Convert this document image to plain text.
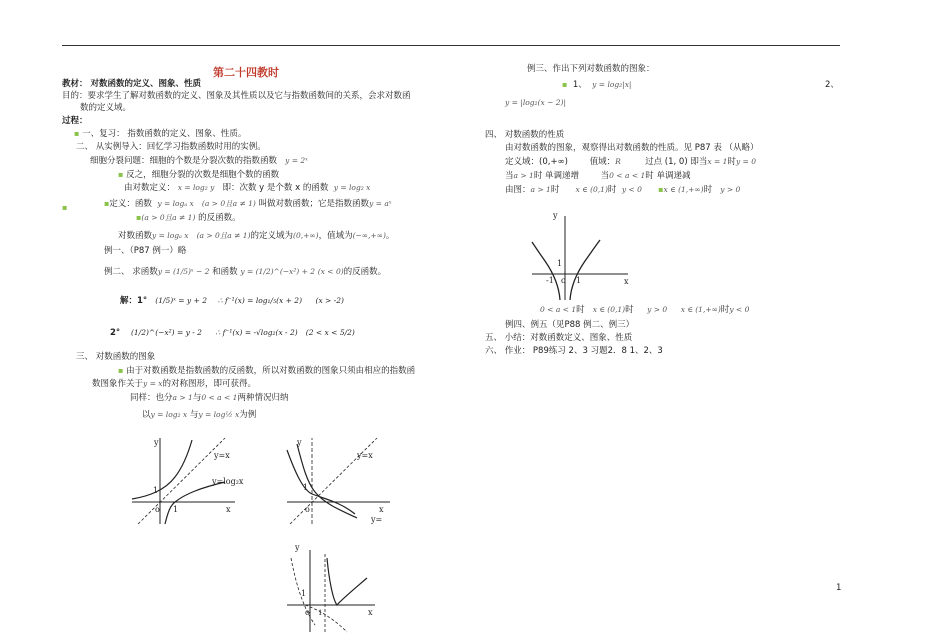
第二十四教时
教材： 对数函数的定义、图象、性质
目的：要求学生了解对数函数的定义、图象及其性质以及它与指数函数间的关系，会求对数函
数的定义域。
过程：
▪ 一、复习： 指数函数的定义、图象、性质。
二、 从实例导入：回忆学习指数函数时用的实例。
细胞分裂问题：细胞的个数是分裂次数的指数函数 y = 2ˣ
▪ 反之，细胞分裂的次数是细胞个数的函数
由对数定义： x = log₂ y 即：次数 y 是个数 x 的函数 y = log₂ x
▪	▪定义：函数 y = logₐ x (a > 0且a ≠ 1) 叫做对数函数；它是指数函数y = aˣ
▪(a > 0且a ≠ 1) 的反函数。
对数函数y = logₐ x (a > 0且a ≠ 1)的定义域为(0,+∞)，值域为(−∞,+∞)。
例一、（P87 例一）略
例二、 求函数y = (1/5)ˣ − 2 和函数 y = (1/2)^(−x²) + 2 (x < 0)的反函数。
解：1° (1/5)ˣ = y + 2 ∴ f⁻¹(x) = log₁/₅(x + 2) (x > -2)
2° (1/2)^(−x²) = y - 2 ∴ f⁻¹(x) = -√log₂(x - 2) (2 < x < 5/2)
三、 对数函数的图象
▪ 由于对数函数是指数函数的反函数，所以对数函数的图象只须由相应的指数函
数图象作关于y = x的对称图形，即可获得。
同样：也分a > 1与0 < a < 1两种情况归纳
以y = log₂ x 与y = log½ x为例
y
x
o
1
1
y=x
y=log₂x
y
x
o
1
y=x
y=
y
x
o
1
1
例三、作出下列对数函数的图象：
▪ 1、 y = log₂|x|	2、
y = |log₂(x − 2)|
四、 对数函数的性质
由对数函数的图象，观察得出对数函数的性质。见 P87 表 （从略）
定义域：(0,+∞)	值域：R	过点 (1, 0) 即当x = 1时y = 0
当a > 1时 单调递增	当0 < a < 1时 单调递减
由图：a > 1时 x ∈ (0,1)时 y < 0 ▪x ∈ (1,+∞)时 y > 0
y
x
o
1
-1	1
0 < a < 1时 x ∈ (0,1)时 y > 0 x ∈ (1,+∞)时y < 0
例四、例五（见P88 例二、例三）
五、 小结：对数函数定义、图象、性质
六、 作业： P89练习 2、3 习题2．8 1、2、3
1
